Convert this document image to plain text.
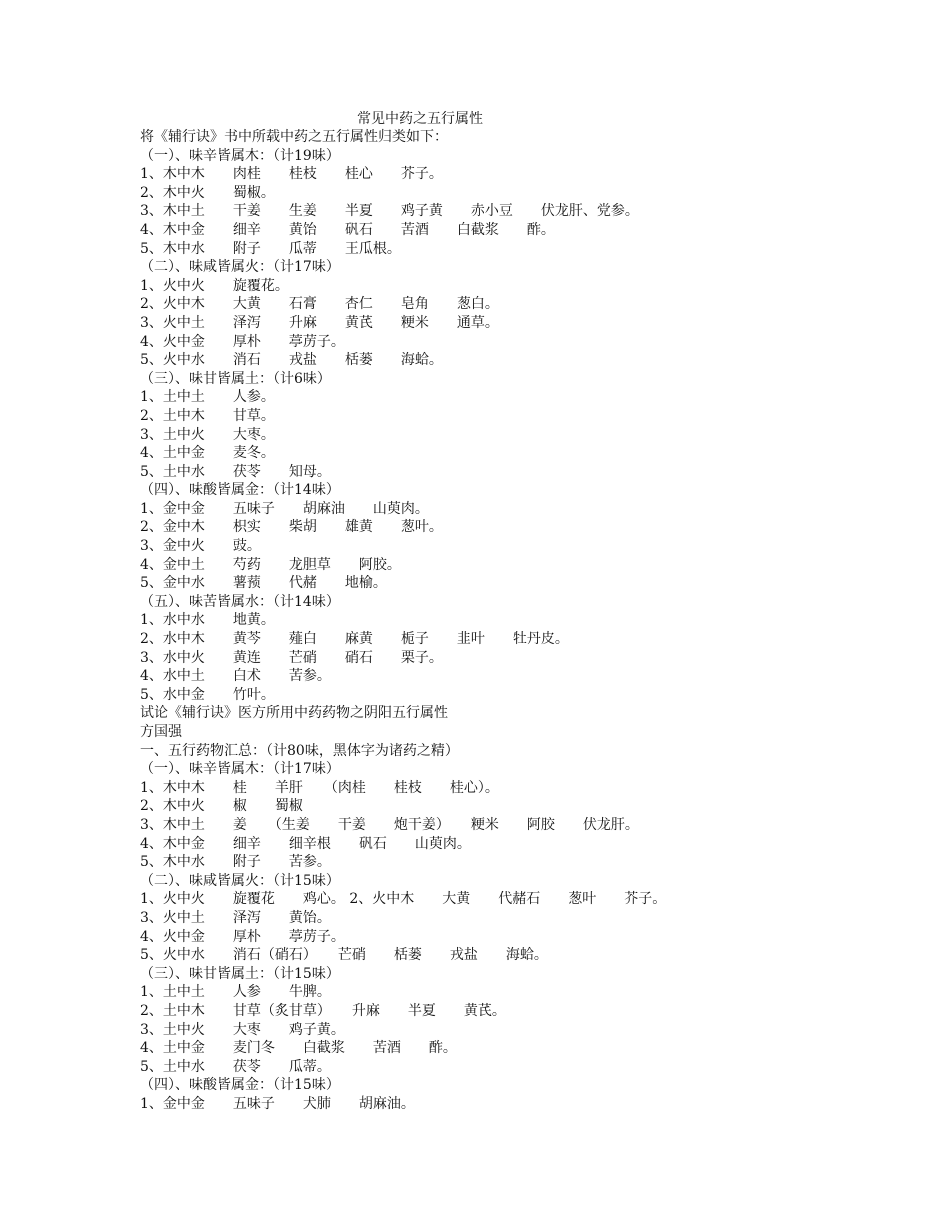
常见中药之五行属性
将《辅行诀》书中所载中药之五行属性归类如下：
（一）、味辛皆属木：（计19味）
1、木中木　　肉桂　　桂枝　　桂心　　芥子。
2、木中火　　蜀椒。
3、木中土　　干姜　　生姜　　半夏　　鸡子黄　　赤小豆　　伏龙肝、党参。
4、木中金　　细辛　　黄饴　　矾石　　苦酒　　白截浆　　酢。
5、木中水　　附子　　瓜蒂　　王瓜根。
（二）、味咸皆属火：（计17味）
1、火中火　　旋覆花。
2、火中木　　大黄　　石膏　　杏仁　　皂角　　葱白。
3、火中土　　泽泻　　升麻　　黄芪　　粳米　　通草。
4、火中金　　厚朴　　葶苈子。
5、火中水　　消石　　戎盐　　栝蒌　　海蛤。
（三）、味甘皆属土：（计6味）
1、土中土　　人参。
2、土中木　　甘草。
3、土中火　　大枣。
4、土中金　　麦冬。
5、土中水　　茯苓　　知母。
（四）、味酸皆属金：（计14味）
1、金中金　　五味子　　胡麻油　　山萸肉。
2、金中木　　枳实　　柴胡　　雄黄　　葱叶。
3、金中火　　豉。
4、金中土　　芍药　　龙胆草　　阿胶。
5、金中水　　薯蓣　　代赭　　地榆。
（五）、味苦皆属水：（计14味）
1、水中水　　地黄。
2、水中木　　黄芩　　薤白　　麻黄　　栀子　　韭叶　　牡丹皮。
3、水中火　　黄连　　芒硝　　硝石　　栗子。
4、水中土　　白术　　苦参。
5、水中金　　竹叶。
试论《辅行诀》医方所用中药药物之阴阳五行属性
方国强
一、五行药物汇总：（计80味，黑体字为诸药之精）
（一）、味辛皆属木：（计17味）
1、木中木　　桂　　羊肝　　（肉桂　　桂枝　　桂心）。
2、木中火　　椒　　蜀椒
3、木中土　　姜　　（生姜　　干姜　　炮干姜）　　粳米　　阿胶　　伏龙肝。
4、木中金　　细辛　　细辛根　　矾石　　山萸肉。
5、木中水　　附子　　苦参。
（二）、味咸皆属火：（计15味）
1、火中火　　旋覆花　　鸡心。 2、火中木　　大黄　　代赭石　　葱叶　　芥子。
3、火中土　　泽泻　　黄饴。
4、火中金　　厚朴　　葶苈子。
5、火中水　　消石（硝石）　　芒硝　　栝蒌　　戎盐　　海蛤。
（三）、味甘皆属土：（计15味）
1、土中土　　人参　　牛脾。
2、土中木　　甘草（炙甘草）　　升麻　　半夏　　黄芪。
3、土中火　　大枣　　鸡子黄。
4、土中金　　麦门冬　　白截浆　　苦酒　　酢。
5、土中水　　茯苓　　瓜蒂。
（四）、味酸皆属金：（计15味）
1、金中金　　五味子　　犬肺　　胡麻油。
